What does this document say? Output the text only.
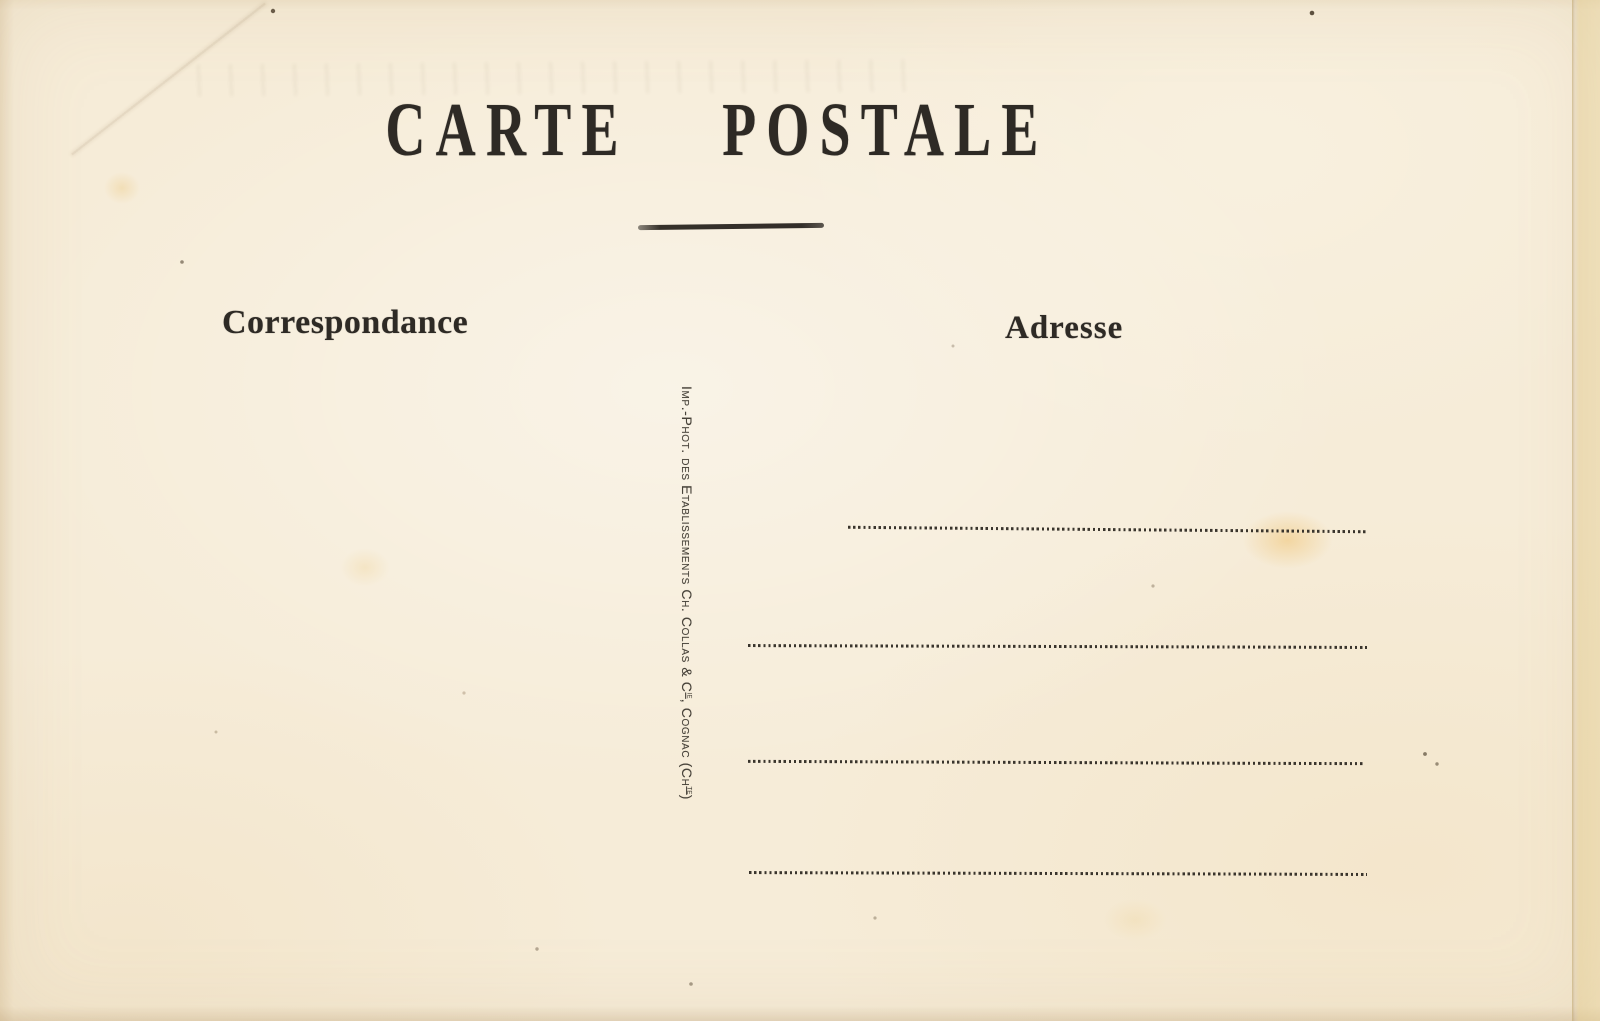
CARTE POSTALE
Correspondance	Adresse
Imp.-Phot. des Etablissements Ch. Collas & $C^{ie}$, Cognac $(Ch^{te})$
